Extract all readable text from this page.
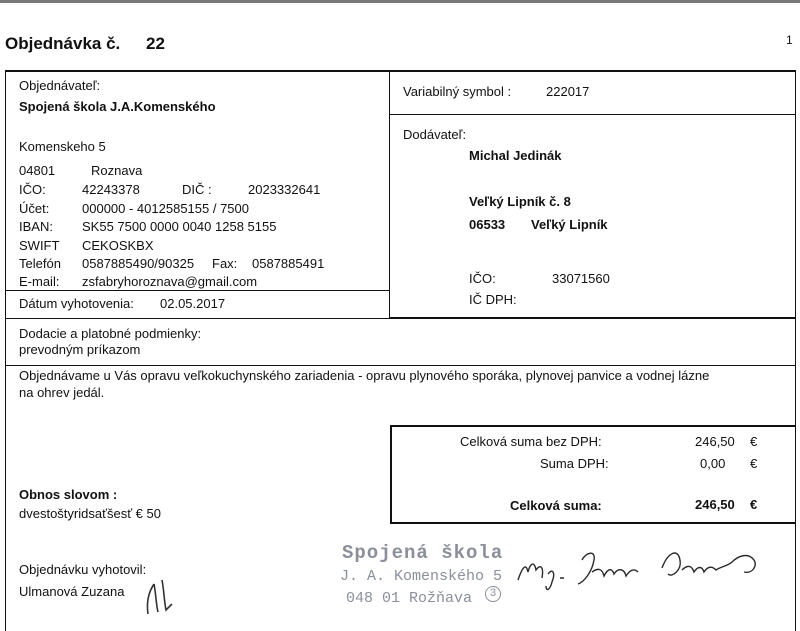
Objednávka č. 22	1
Objednávateľ:
Spojená škola J.A.Komenského
Komenskeho 5
04801	Roznava
IČO:	42243378	DIČ :	2023332641
Účet:	000000 - 4012585155 / 7500
IBAN: SK55 7500 0000 0040 1258 5155
SWIFT CEKOSKBX
Telefón 0587885490/90325 Fax: 0587885491
E-mail: zsfabryhoroznava@gmail.com
Dátum vyhotovenia: 02.05.2017
Variabilný symbol :	222017
Dodávateľ:
Michal Jedinák
Veľký Lipník č. 8
06533 Veľký Lipník
IČO:	33071560
IČ DPH:
Dodacie a platobné podmienky:
prevodným príkazom
Objednávame u Vás opravu veľkokuchynského zariadenia - opravu plynového sporáka, plynovej panvice a vodnej lázne
na ohrev jedál.
Celková suma bez DPH:	246,50 €
Suma DPH:	0,00 €
Celková suma:	246,50 €
Obnos slovom :
dvestoštyridsaťšesť € 50
Objednávku vyhotovil:
Ulmanová Zuzana
Spojená škola
J. A. Komenského 5
048 01 Rožňava	3
